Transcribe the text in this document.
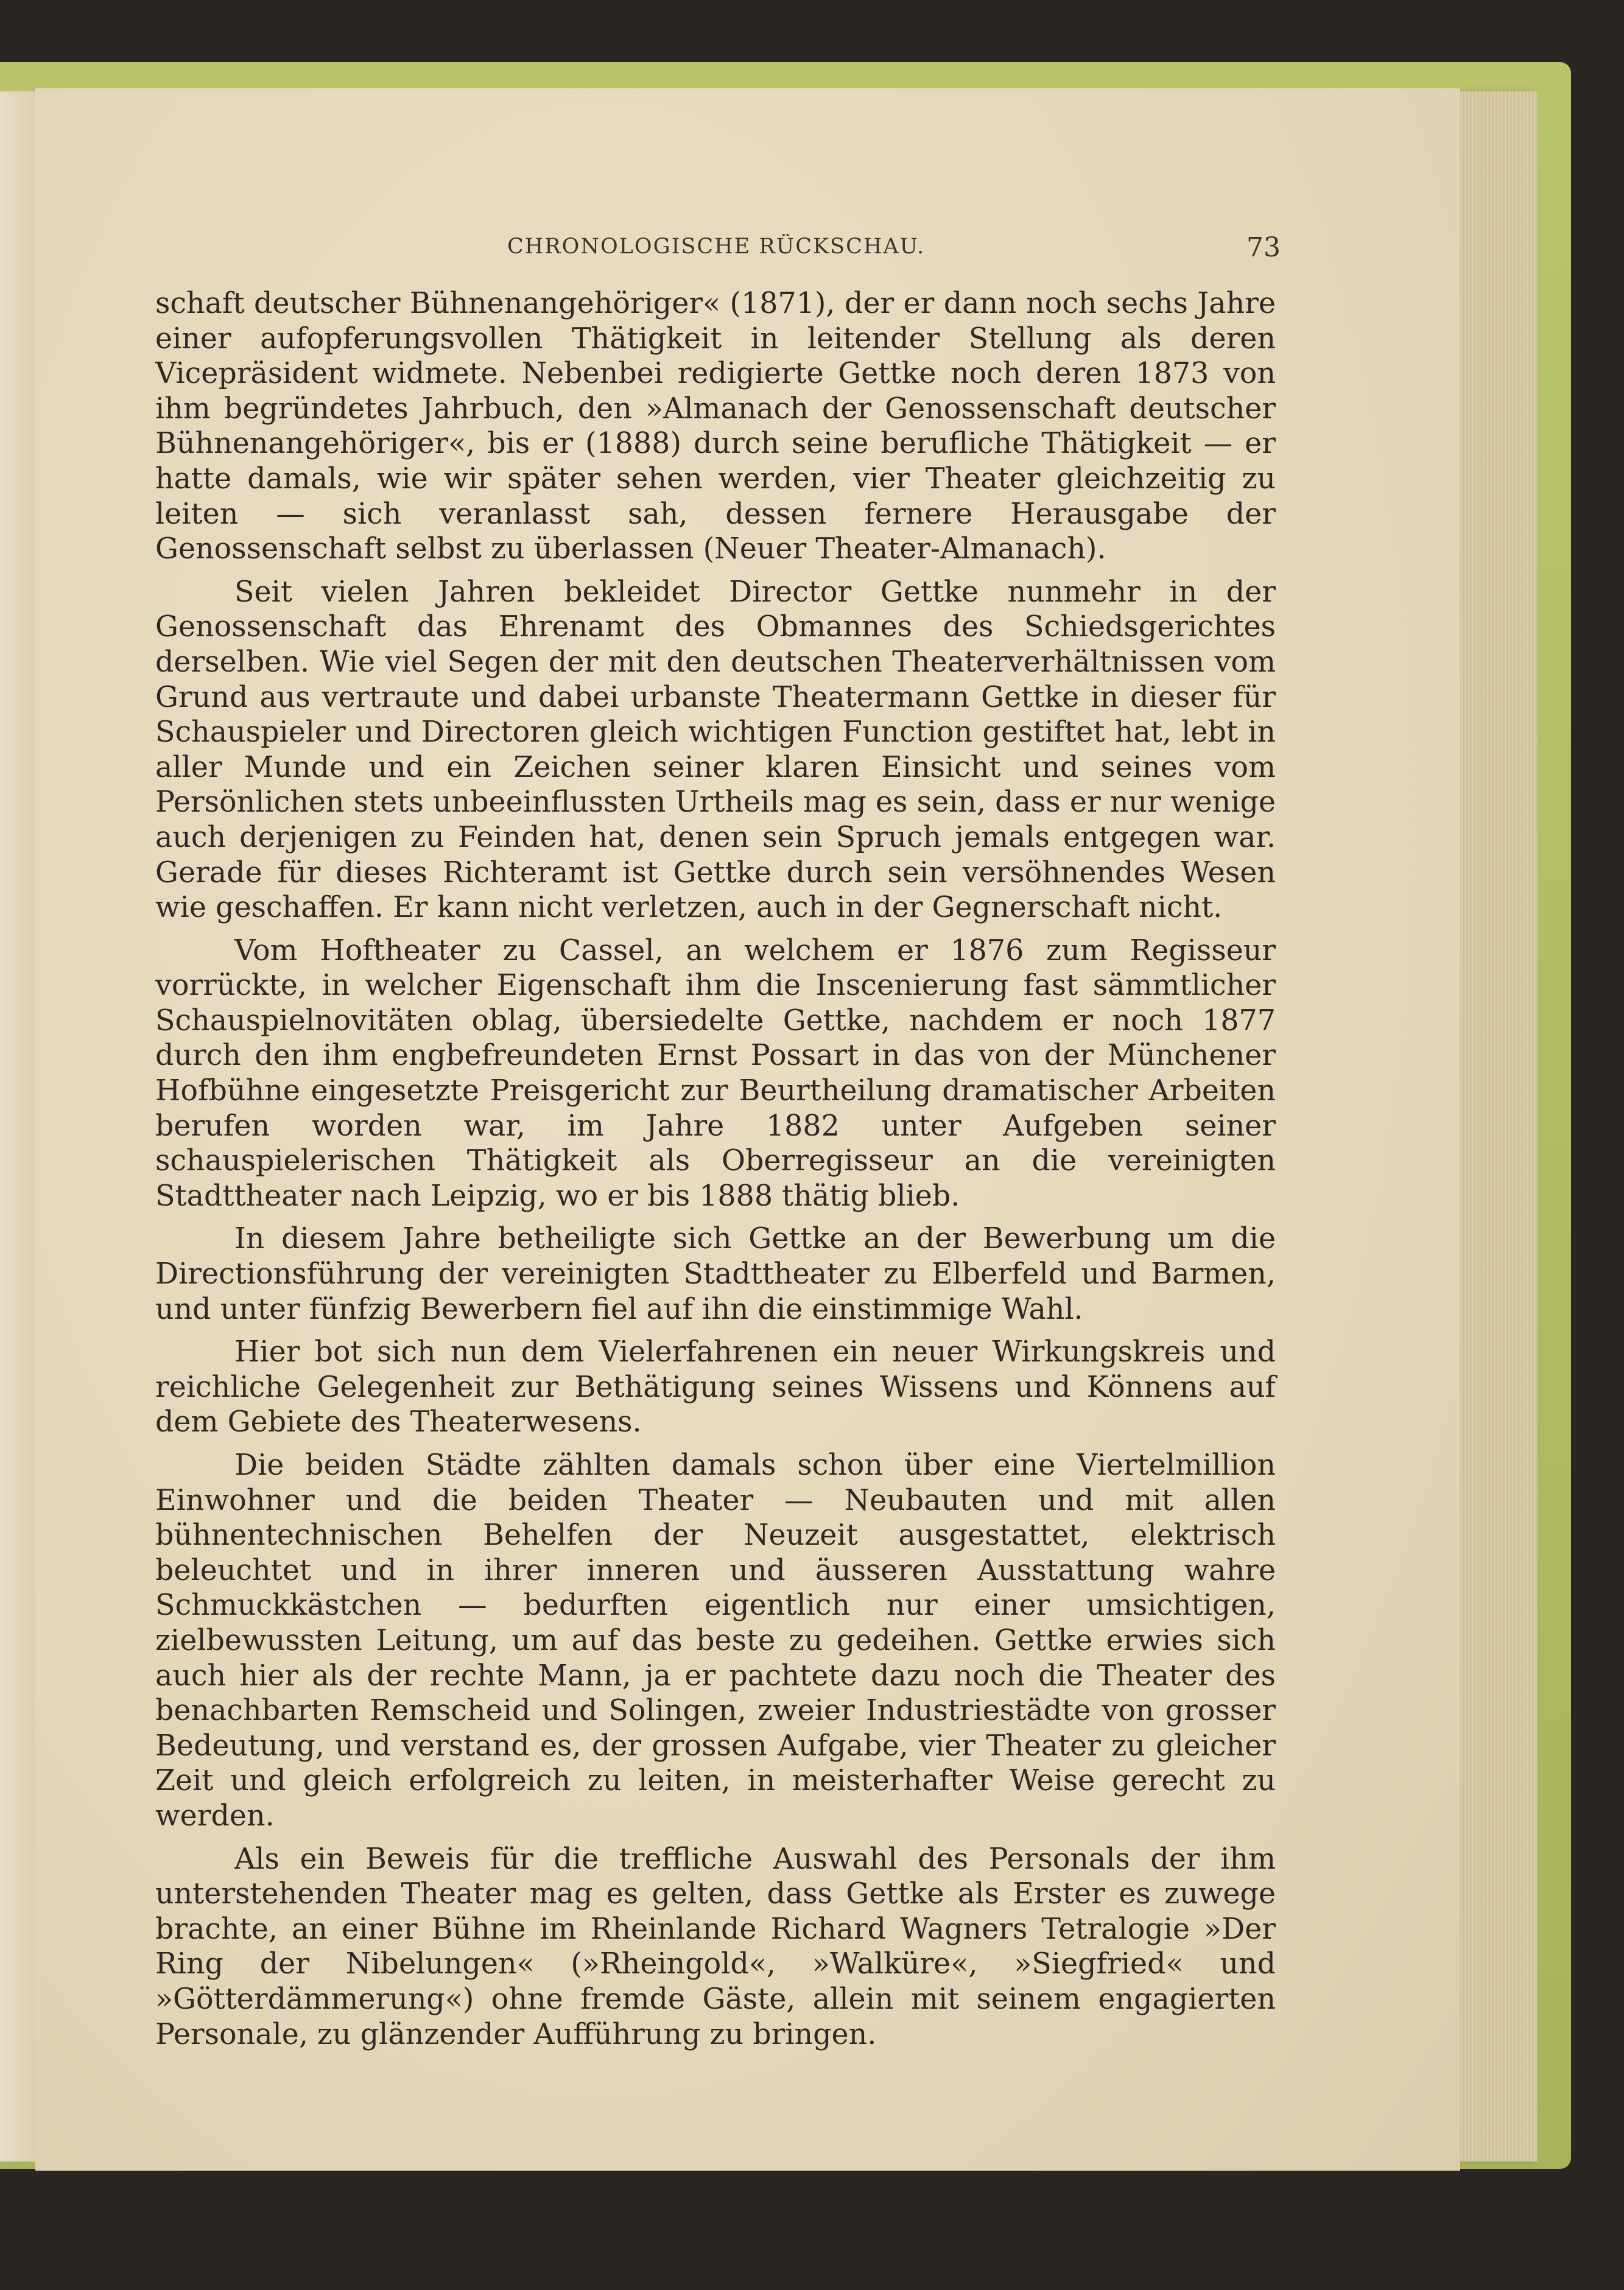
CHRONOLOGISCHE RÜCKSCHAU.	73

schaft deutscher Bühnenangehöriger« (1871), der er dann noch sechs Jahre einer aufopferungsvollen Thätigkeit in leitender Stellung als deren Vicepräsident widmete. Nebenbei redigierte Gettke noch deren 1873 von ihm begründetes Jahrbuch, den »Almanach der Genossenschaft deutscher Bühnenangehöriger«, bis er (1888) durch seine berufliche Thätigkeit — er hatte damals, wie wir später sehen werden, vier Theater gleichzeitig zu leiten — sich veranlasst sah, dessen fernere Herausgabe der Genossenschaft selbst zu überlassen (Neuer Theater-Almanach).

Seit vielen Jahren bekleidet Director Gettke nunmehr in der Genossenschaft das Ehrenamt des Obmannes des Schiedsgerichtes derselben. Wie viel Segen der mit den deutschen Theaterverhältnissen vom Grund aus vertraute und dabei urbanste Theatermann Gettke in dieser für Schauspieler und Directoren gleich wichtigen Function gestiftet hat, lebt in aller Munde und ein Zeichen seiner klaren Einsicht und seines vom Persönlichen stets unbeeinflussten Urtheils mag es sein, dass er nur wenige auch derjenigen zu Feinden hat, denen sein Spruch jemals entgegen war. Gerade für dieses Richteramt ist Gettke durch sein versöhnendes Wesen wie geschaffen. Er kann nicht verletzen, auch in der Gegnerschaft nicht.

Vom Hoftheater zu Cassel, an welchem er 1876 zum Regisseur vorrückte, in welcher Eigenschaft ihm die Inscenierung fast sämmtlicher Schauspielnovitäten oblag, übersiedelte Gettke, nachdem er noch 1877 durch den ihm engbefreundeten Ernst Possart in das von der Münchener Hofbühne eingesetzte Preisgericht zur Beurtheilung dramatischer Arbeiten berufen worden war, im Jahre 1882 unter Aufgeben seiner schauspielerischen Thätigkeit als Oberregisseur an die vereinigten Stadttheater nach Leipzig, wo er bis 1888 thätig blieb.

In diesem Jahre betheiligte sich Gettke an der Bewerbung um die Directionsführung der vereinigten Stadttheater zu Elberfeld und Barmen, und unter fünfzig Bewerbern fiel auf ihn die einstimmige Wahl.

Hier bot sich nun dem Vielerfahrenen ein neuer Wirkungskreis und reichliche Gelegenheit zur Bethätigung seines Wissens und Könnens auf dem Gebiete des Theaterwesens.

Die beiden Städte zählten damals schon über eine Viertelmillion Einwohner und die beiden Theater — Neubauten und mit allen bühnentechnischen Behelfen der Neuzeit ausgestattet, elektrisch beleuchtet und in ihrer inneren und äusseren Ausstattung wahre Schmuckkästchen — bedurften eigentlich nur einer umsichtigen, zielbewussten Leitung, um auf das beste zu gedeihen. Gettke erwies sich auch hier als der rechte Mann, ja er pachtete dazu noch die Theater des benachbarten Remscheid und Solingen, zweier Industriestädte von grosser Bedeutung, und verstand es, der grossen Aufgabe, vier Theater zu gleicher Zeit und gleich erfolgreich zu leiten, in meisterhafter Weise gerecht zu werden.

Als ein Beweis für die treffliche Auswahl des Personals der ihm unterstehenden Theater mag es gelten, dass Gettke als Erster es zuwege brachte, an einer Bühne im Rheinlande Richard Wagners Tetralogie »Der Ring der Nibelungen« (»Rheingold«, »Walküre«, »Siegfried« und »Götterdämmerung«) ohne fremde Gäste, allein mit seinem engagierten Personale, zu glänzender Aufführung zu bringen.
